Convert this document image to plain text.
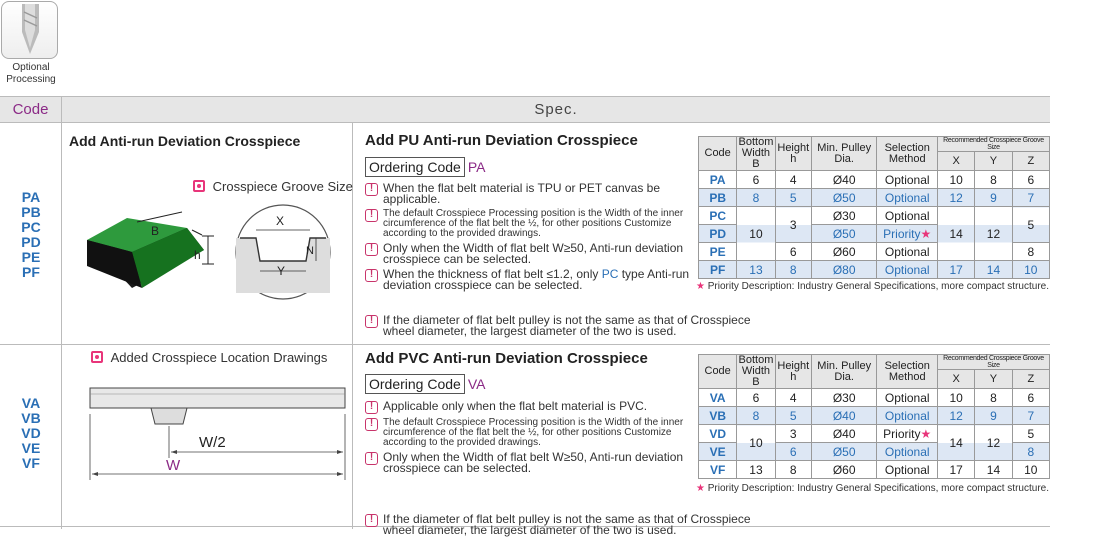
Optional
Processing
Code	Spec.
PA
PB
PC
PD
PE
PF
Add Anti-run Deviation Crosspiece
Crosspiece Groove Size
B
h
X
Y
N
Add PU Anti-run Deviation Crosspiece
Ordering Code PA
! When the flat belt material is TPU or PET canvas be applicable.
! The default Crosspiece Processing position is the Width of the inner circumference of the flat belt the ½, for other positions Customize according to the provided drawings.
! Only when the Width of flat belt W≥50, Anti-run deviation crosspiece can be selected.
! When the thickness of flat belt ≤1.2, only PC type Anti-run deviation crosspiece can be selected.
! If the diameter of flat belt pulley is not the same as that of Crosspiece wheel diameter, the largest diameter of the two is used.
Code	Bottom Width B	Height h	Min. Pulley Dia.	Selection Method	Recommended Crosspiece Groove Size		
					X	Y	Z
PA	6	4	Ø40	Optional	10	8	6
PB	8	5	Ø50	Optional	12	9	7
PC	10	3	Ø30	Optional	14	12	5
PD			Ø50	Priority★			
PE		6	Ø60	Optional			8
PF	13	8	Ø80	Optional	17	14	10
★ Priority Description: Industry General Specifications, more compact structure.
VA
VB
VD
VE
VF
Added Crosspiece Location Drawings
W/2
W
Add PVC Anti-run Deviation Crosspiece
Ordering Code VA
! Applicable only when the flat belt material is PVC.
! The default Crosspiece Processing position is the Width of the inner circumference of the flat belt the ½, for other positions Customize according to the provided drawings.
! Only when the Width of flat belt W≥50, Anti-run deviation crosspiece can be selected.
! If the diameter of flat belt pulley is not the same as that of Crosspiece wheel diameter, the largest diameter of the two is used.
Code	Bottom Width B	Height h	Min. Pulley Dia.	Selection Method	Recommended Crosspiece Groove Size		
					X	Y	Z
VA	6	4	Ø30	Optional	10	8	6
VB	8	5	Ø40	Optional	12	9	7
VD	10	3	Ø40	Priority★	14	12	5
VE		6	Ø50	Optional			8
VF	13	8	Ø60	Optional	17	14	10
★ Priority Description: Industry General Specifications, more compact structure.
